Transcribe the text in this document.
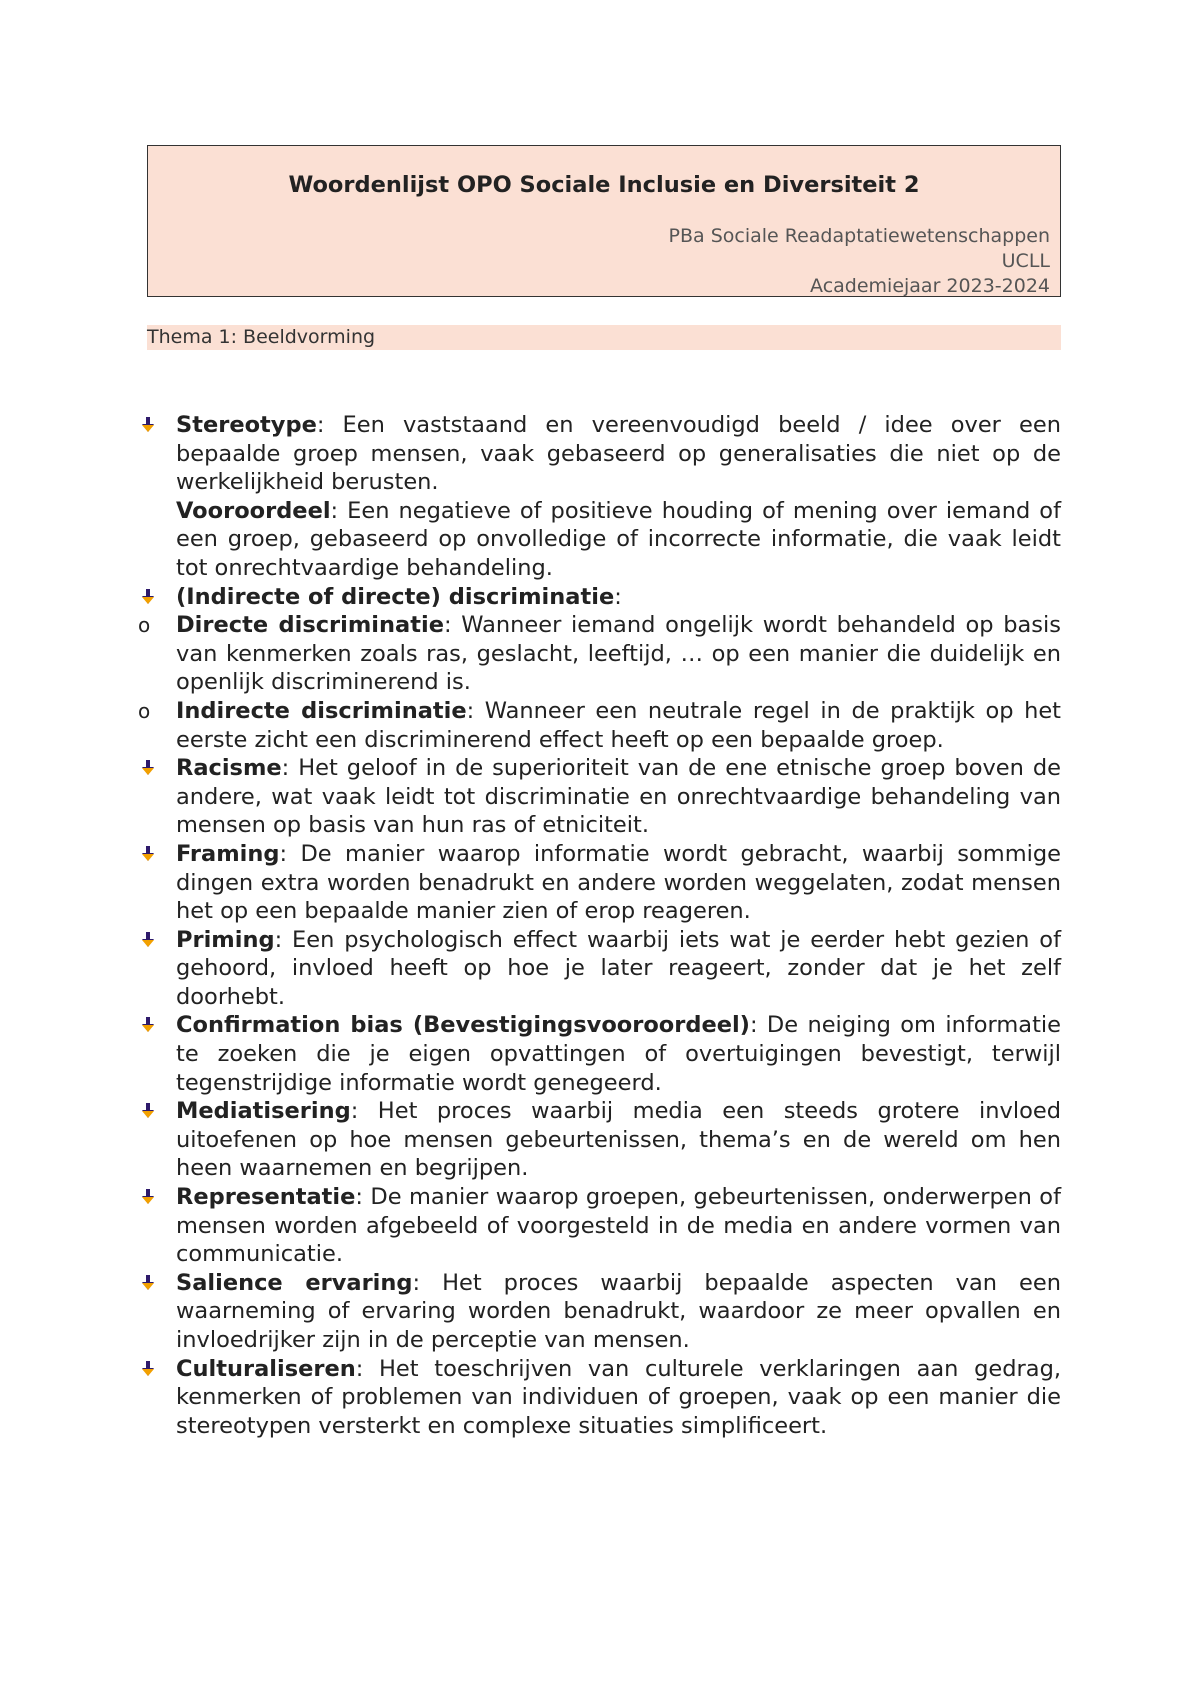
Woordenlijst OPO Sociale Inclusie en Diversiteit 2
PBa Sociale Readaptatiewetenschappen
UCLL
Academiejaar 2023-2024
Thema 1: Beeldvorming

Stereotype: Een vaststaand en vereenvoudigd beeld / idee over een bepaalde groep mensen, vaak gebaseerd op generalisaties die niet op de werkelijkheid berusten.

Vooroordeel: Een negatieve of positieve houding of mening over iemand of een groep, gebaseerd op onvolledige of incorrecte informatie, die vaak leidt tot onrechtvaardige behandeling.

(Indirecte of directe) discriminatie:

o Directe discriminatie: Wanneer iemand ongelijk wordt behandeld op basis van kenmerken zoals ras, geslacht, leeftijd, … op een manier die duidelijk en openlijk discriminerend is.

o Indirecte discriminatie: Wanneer een neutrale regel in de praktijk op het eerste zicht een discriminerend effect heeft op een bepaalde groep.

Racisme: Het geloof in de superioriteit van de ene etnische groep boven de andere, wat vaak leidt tot discriminatie en onrechtvaardige behandeling van mensen op basis van hun ras of etniciteit.

Framing: De manier waarop informatie wordt gebracht, waarbij sommige dingen extra worden benadrukt en andere worden weggelaten, zodat mensen het op een bepaalde manier zien of erop reageren.

Priming: Een psychologisch effect waarbij iets wat je eerder hebt gezien of gehoord, invloed heeft op hoe je later reageert, zonder dat je het zelf doorhebt.

Confirmation bias (Bevestigingsvooroordeel): De neiging om informatie te zoeken die je eigen opvattingen of overtuigingen bevestigt, terwijl tegenstrijdige informatie wordt genegeerd.

Mediatisering: Het proces waarbij media een steeds grotere invloed uitoefenen op hoe mensen gebeurtenissen, thema’s en de wereld om hen heen waarnemen en begrijpen.

Representatie: De manier waarop groepen, gebeurtenissen, onderwerpen of mensen worden afgebeeld of voorgesteld in de media en andere vormen van communicatie.

Salience ervaring: Het proces waarbij bepaalde aspecten van een waarneming of ervaring worden benadrukt, waardoor ze meer opvallen en invloedrijker zijn in de perceptie van mensen.

Culturaliseren: Het toeschrijven van culturele verklaringen aan gedrag, kenmerken of problemen van individuen of groepen, vaak op een manier die stereotypen versterkt en complexe situaties simplificeert.
